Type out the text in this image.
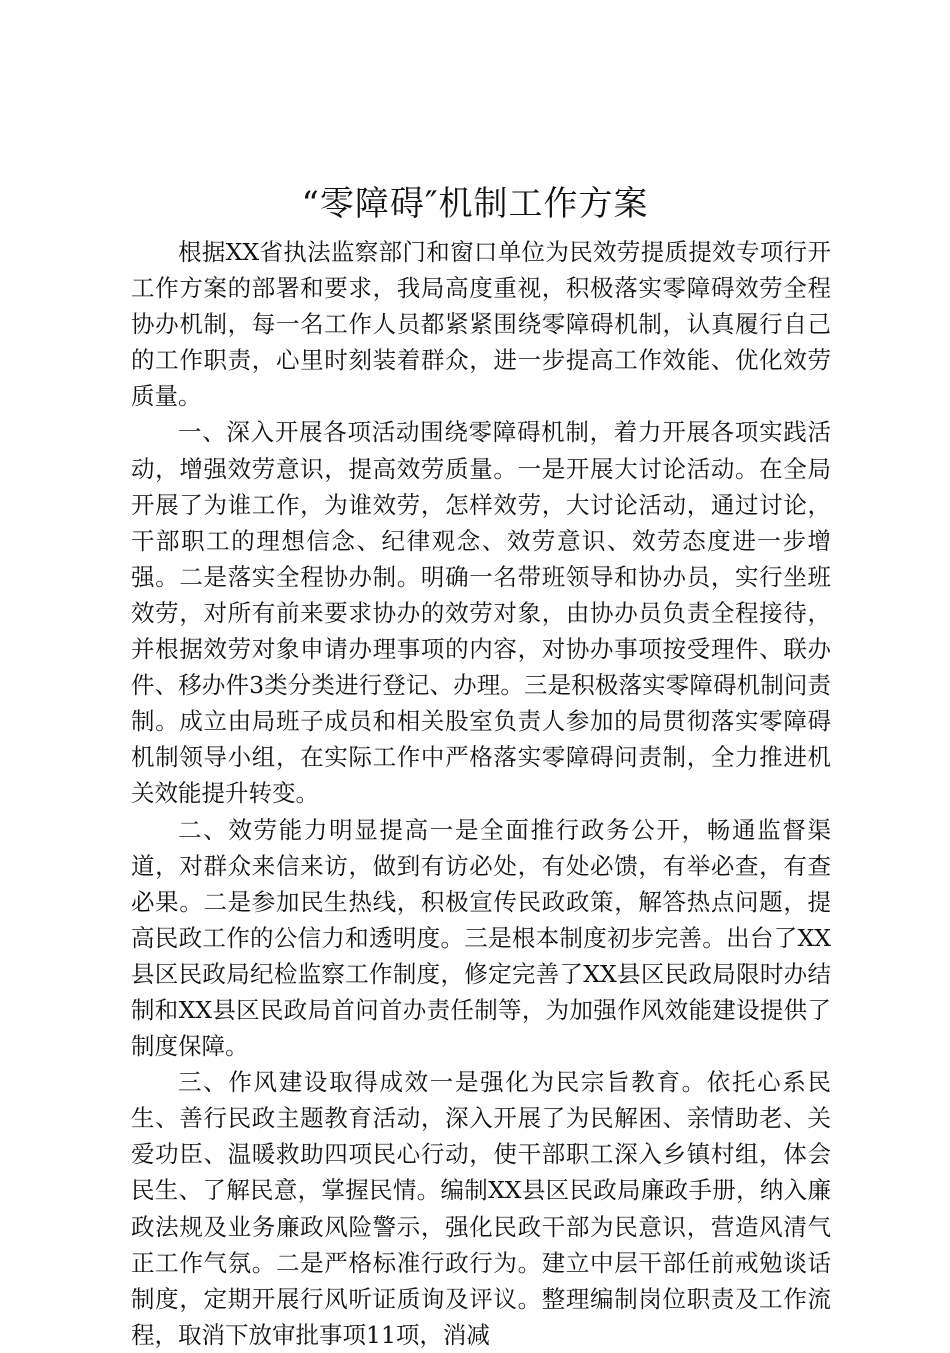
“零障碍″机制工作方案

根据XX省执法监察部门和窗口单位为民效劳提质提效专项行开工作方案的部署和要求，我局高度重视，积极落实零障碍效劳全程协办机制，每一名工作人员都紧紧围绕零障碍机制，认真履行自己的工作职责，心里时刻装着群众，进一步提高工作效能、优化效劳质量。

一、深入开展各项活动围绕零障碍机制，着力开展各项实践活动，增强效劳意识，提高效劳质量。一是开展大讨论活动。在全局开展了为谁工作，为谁效劳，怎样效劳，大讨论活动，通过讨论，干部职工的理想信念、纪律观念、效劳意识、效劳态度进一步增强。二是落实全程协办制。明确一名带班领导和协办员，实行坐班效劳，对所有前来要求协办的效劳对象，由协办员负责全程接待，并根据效劳对象申请办理事项的内容，对协办事项按受理件、联办件、移办件3类分类进行登记、办理。三是积极落实零障碍机制问责制。成立由局班子成员和相关股室负责人参加的局贯彻落实零障碍机制领导小组，在实际工作中严格落实零障碍问责制，全力推进机关效能提升转变。

二、效劳能力明显提高一是全面推行政务公开，畅通监督渠道，对群众来信来访，做到有访必处，有处必馈，有举必查，有查必果。二是参加民生热线，积极宣传民政政策，解答热点问题，提高民政工作的公信力和透明度。三是根本制度初步完善。出台了XX县区民政局纪检监察工作制度，修定完善了XX县区民政局限时办结制和XX县区民政局首问首办责任制等，为加强作风效能建设提供了制度保障。

三、作风建设取得成效一是强化为民宗旨教育。依托心系民生、善行民政主题教育活动，深入开展了为民解困、亲情助老、关爱功臣、温暖救助四项民心行动，使干部职工深入乡镇村组，体会民生、了解民意，掌握民情。编制XX县区民政局廉政手册，纳入廉政法规及业务廉政风险警示，强化民政干部为民意识，营造风清气正工作气氛。二是严格标准行政行为。建立中层干部任前戒勉谈话制度，定期开展行风听证质询及评议。整理编制岗位职责及工作流程，取消下放审批事项11项，消减
